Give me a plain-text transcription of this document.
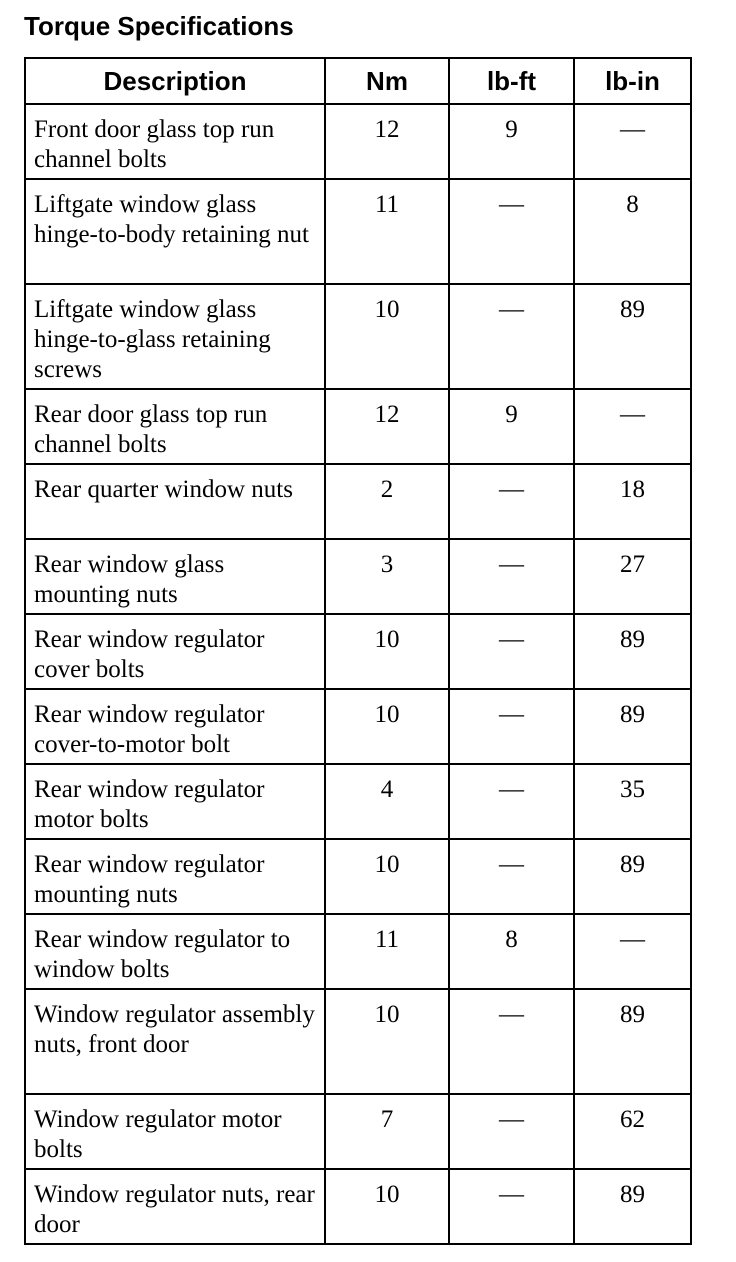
Torque Specifications
Description	Nm	lb-ft	lb-in
Front door glass top run channel bolts	12	9	—
Liftgate window glass hinge-to-body retaining nut	11	—	8
Liftgate window glass hinge-to-glass retaining screws	10	—	89
Rear door glass top run channel bolts	12	9	—
Rear quarter window nuts	2	—	18
Rear window glass mounting nuts	3	—	27
Rear window regulator cover bolts	10	—	89
Rear window regulator cover-to-motor bolt	10	—	89
Rear window regulator motor bolts	4	—	35
Rear window regulator mounting nuts	10	—	89
Rear window regulator to window bolts	11	8	—
Window regulator assembly nuts, front door	10	—	89
Window regulator motor bolts	7	—	62
Window regulator nuts, rear door	10	—	89
